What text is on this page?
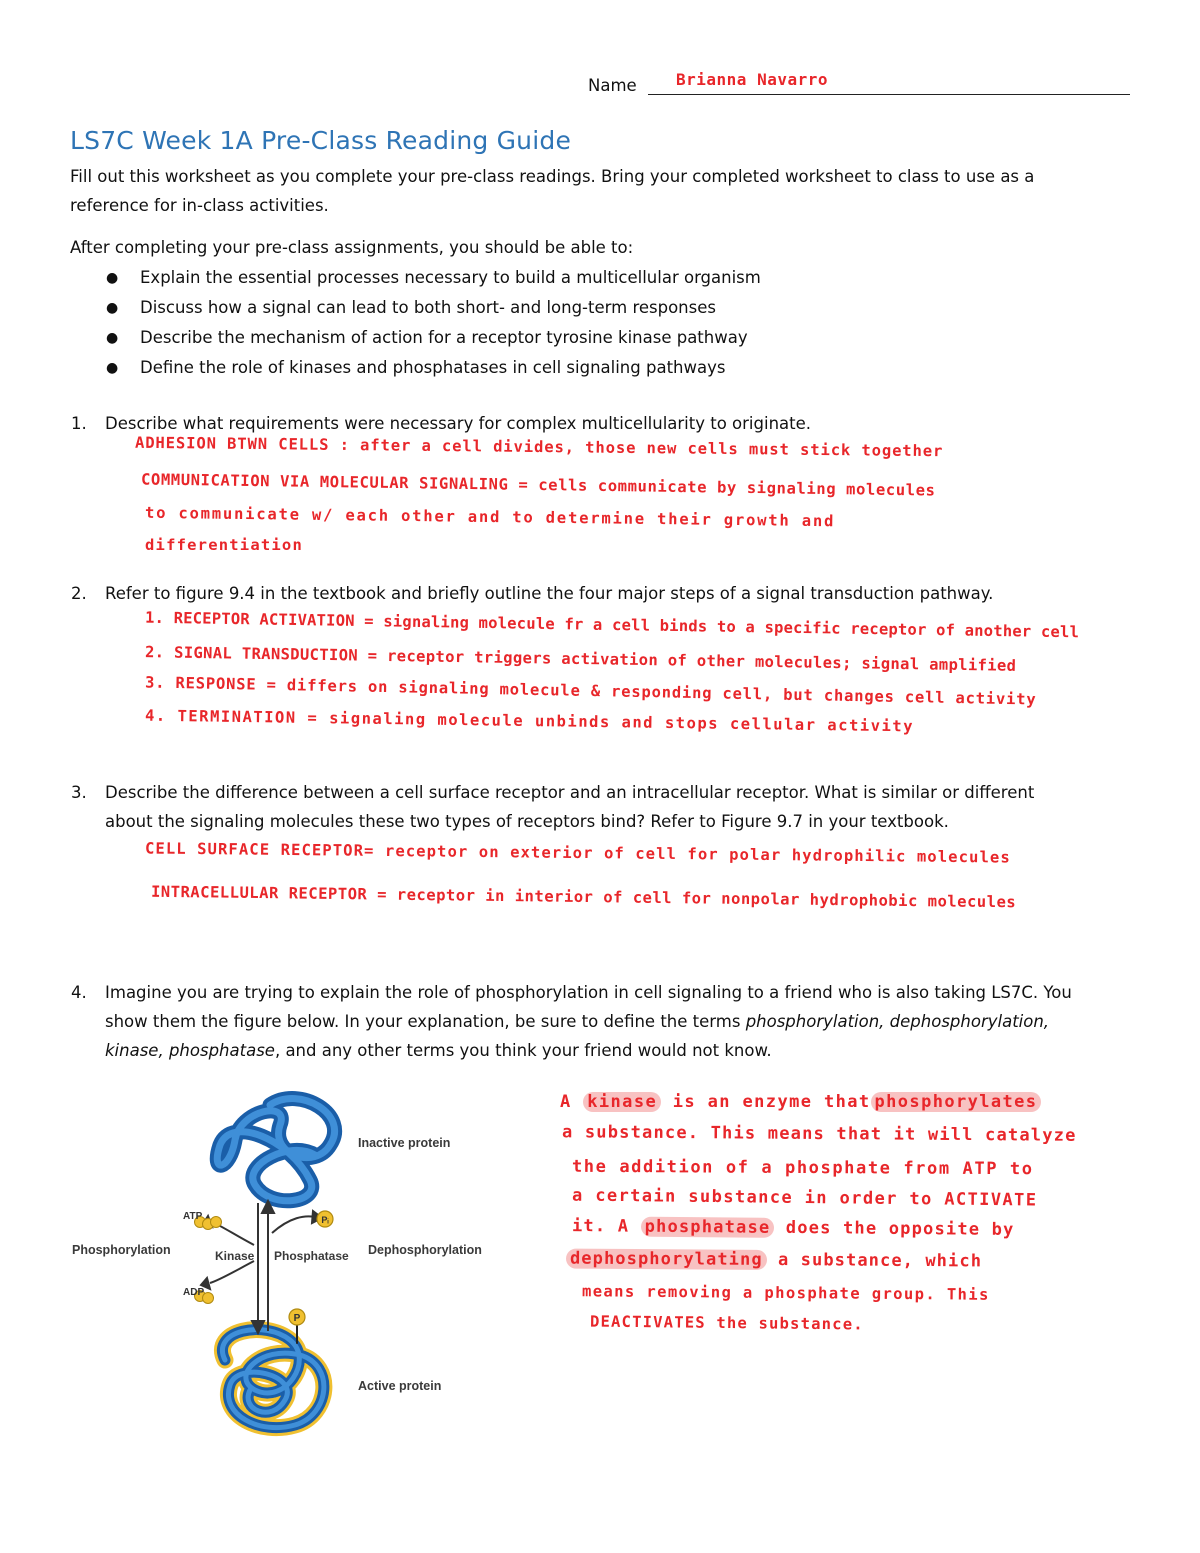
Name Brianna Navarro
LS7C Week 1A Pre-Class Reading Guide
Fill out this worksheet as you complete your pre-class readings. Bring your completed worksheet to class to use as a
reference for in-class activities.
After completing your pre-class assignments, you should be able to:
● Explain the essential processes necessary to build a multicellular organism
● Discuss how a signal can lead to both short- and long-term responses
● Describe the mechanism of action for a receptor tyrosine kinase pathway
● Define the role of kinases and phosphatases in cell signaling pathways
1. Describe what requirements were necessary for complex multicellularity to originate.
ADHESION BTWN CELLS : after a cell divides, those new cells must stick together
COMMUNICATION VIA MOLECULAR SIGNALING = cells communicate by signaling molecules
to communicate w/ each other and to determine their growth and
differentiation
2. Refer to figure 9.4 in the textbook and briefly outline the four major steps of a signal transduction pathway.
1. RECEPTOR ACTIVATION = signaling molecule fr a cell binds to a specific receptor of another cell
2. SIGNAL TRANSDUCTION = receptor triggers activation of other molecules; signal amplified
3. RESPONSE = differs on signaling molecule & responding cell, but changes cell activity
4. TERMINATION = signaling molecule unbinds and stops cellular activity
3. Describe the difference between a cell surface receptor and an intracellular receptor. What is similar or different
about the signaling molecules these two types of receptors bind? Refer to Figure 9.7 in your textbook.
CELL SURFACE RECEPTOR= receptor on exterior of cell for polar hydrophilic molecules
INTRACELLULAR RECEPTOR = receptor in interior of cell for nonpolar hydrophobic molecules
4. Imagine you are trying to explain the role of phosphorylation in cell signaling to a friend who is also taking LS7C. You
show them the figure below. In your explanation, be sure to define the terms phosphorylation, dephosphorylation,
kinase, phosphatase, and any other terms you think your friend would not know.
A kinase is an enzyme that phosphorylates
a substance. This means that it will catalyze
the addition of a phosphate from ATP to
a certain substance in order to ACTIVATE
it. A phosphatase does the opposite by
dephosphorylating a substance, which
means removing a phosphate group. This
DEACTIVATES the substance.
P
ATP
ADP
Pᵢ
Inactive protein
Active protein
Phosphorylation	Dephosphorylation
Kinase Phosphatase
